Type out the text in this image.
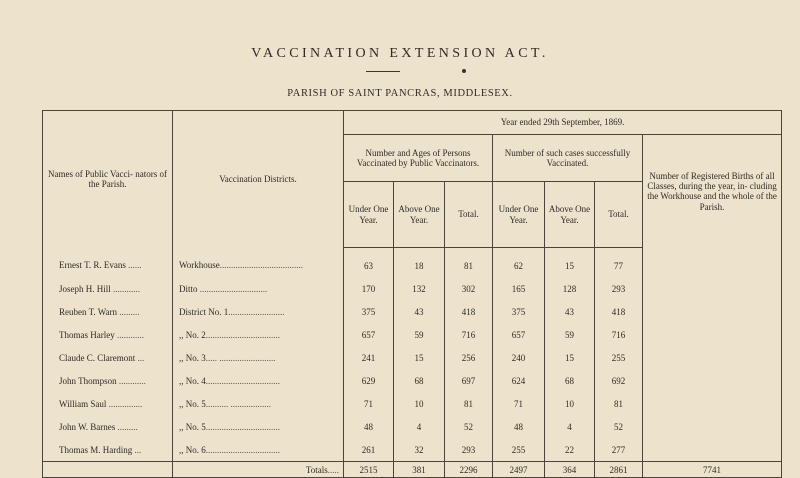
VACCINATION EXTENSION ACT.
PARISH OF SAINT PANCRAS, MIDDLESEX.
Names of Public Vacci- nators of the Parish.	Vaccination Districts.	Year ended 29th September, 1869.						
		Number and Ages of Persons Vaccinated by Public Vaccinators.			Number of such cases successfully Vaccinated.			Number of Registered Births of all Classes, during the year, in- cluding the Workhouse and the whole of the Parish.
		Under One Year.	Above One Year.	Total.	Under One Year.	Above One Year.	Total.	
Ernest T. R. Evans ......	Workhouse.....................................	63	18	81	62	15	77	
Joseph H. Hill ............	Ditto ..............................	170	132	302	165	128	293	
Reuben T. Warn .........	District No. 1.........................	375	43	418	375	43	418	
Thomas Harley ............	,, No. 2.................................	657	59	716	657	59	716	
Claude C. Claremont ...	,, No. 3..... .........................	241	15	256	240	15	255	
John Thompson ............	,, No. 4.................................	629	68	697	624	68	692	
William Saul ...............	,, No. 5.......... ..................	71	10	81	71	10	81	
John W. Barnes .........	,, No. 5.................................	48	4	52	48	4	52	
Thomas M. Harding ...	,, No. 6.................................	261	32	293	255	22	277	
	Totals.....	2515	381	2296	2497	364	2861	7741
